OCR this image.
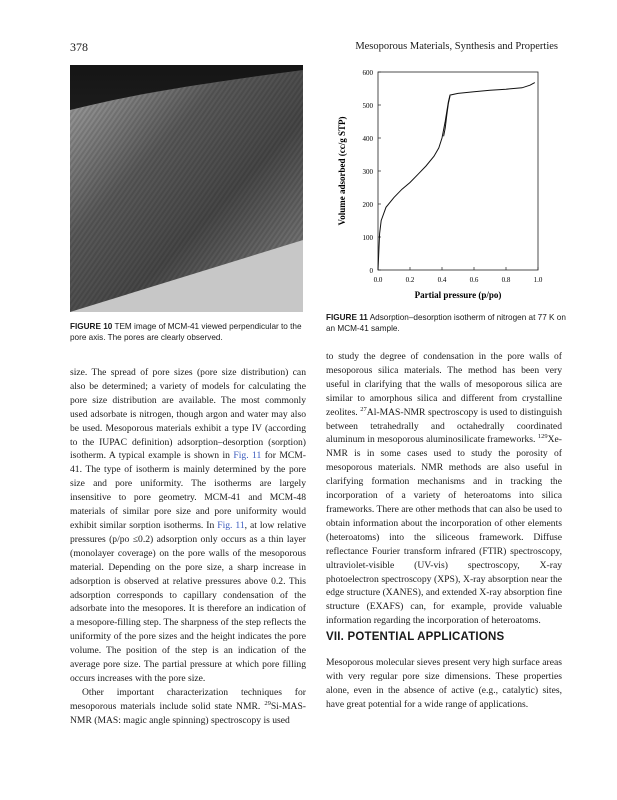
378	Mesoporous Materials, Synthesis and Properties
0
100
200
300
400
500
600
0.0	0.2	0.4	0.6	0.8	1.0
Volume adsorbed (cc/g STP)
Partial pressure (p/po)
FIGURE 10 TEM image of MCM-41 viewed perpendicular to the pore axis. The pores are clearly observed.
FIGURE 11 Adsorption–desorption isotherm of nitrogen at 77 K on an MCM-41 sample.

size. The spread of pore sizes (pore size distribution) can also be determined; a variety of models for calculating the pore size distribution are available. The most commonly used adsorbate is nitrogen, though argon and water may also be used. Mesoporous materials exhibit a type IV (according to the IUPAC definition) adsorption–desorption (sorption) isotherm. A typical example is shown in Fig. 11 for MCM-41. The type of isotherm is mainly determined by the pore size and pore uniformity. The isotherms are largely insensitive to pore geometry. MCM-41 and MCM-48 materials of similar pore size and pore uniformity would exhibit similar sorption isotherms. In Fig. 11, at low relative pressures (p/po ≤0.2) adsorption only occurs as a thin layer (monolayer coverage) on the pore walls of the mesoporous material. Depending on the pore size, a sharp increase in adsorption is observed at relative pressures above 0.2. This adsorption corresponds to capillary condensation of the adsorbate into the mesopores. It is therefore an indication of a mesopore-filling step. The sharpness of the step reflects the uniformity of the pore sizes and the height indicates the pore volume. The position of the step is an indication of the average pore size. The partial pressure at which pore filling occurs increases with the pore size.

Other important characterization techniques for mesoporous materials include solid state NMR. $^{29}$Si-MAS-NMR (MAS: magic angle spinning) spectroscopy is used

to study the degree of condensation in the pore walls of mesoporous silica materials. The method has been very useful in clarifying that the walls of mesoporous silica are similar to amorphous silica and different from crystalline zeolites. $^{27}$Al-MAS-NMR spectroscopy is used to distinguish between tetrahedrally and octahedrally coordinated aluminum in mesoporous aluminosilicate frameworks. $^{129}$Xe-NMR is in some cases used to study the porosity of mesoporous materials. NMR methods are also useful in clarifying formation mechanisms and in tracking the incorporation of a variety of heteroatoms into silica frameworks. There are other methods that can also be used to obtain information about the incorporation of other elements (heteroatoms) into the siliceous framework. Diffuse reflectance Fourier transform infrared (FTIR) spectroscopy, ultraviolet-visible (UV-vis) spectroscopy, X-ray photoelectron spectroscopy (XPS), X-ray absorption near the edge structure (XANES), and extended X-ray absorption fine structure (EXAFS) can, for example, provide valuable information regarding the incorporation of heteroatoms.

VII. POTENTIAL APPLICATIONS

Mesoporous molecular sieves present very high surface areas with very regular pore size dimensions. These properties alone, even in the absence of active (e.g., catalytic) sites, have great potential for a wide range of applications.
